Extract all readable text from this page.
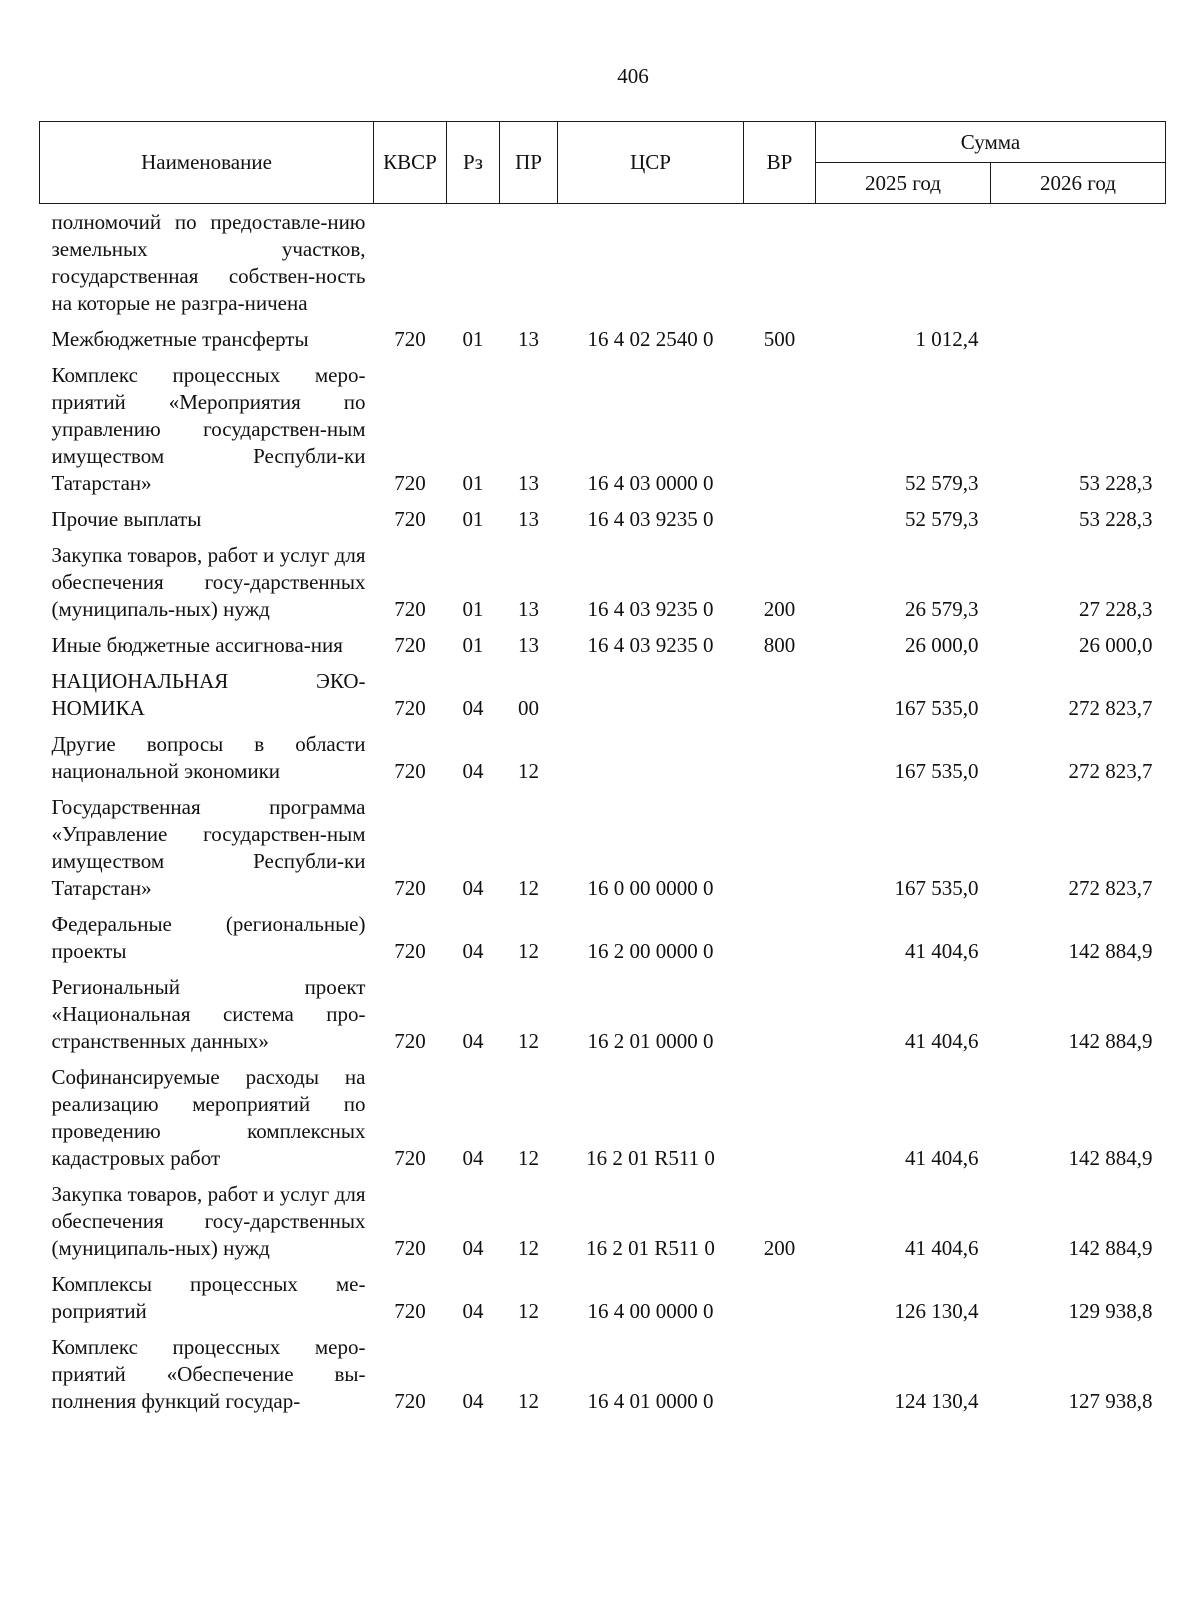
406
Наименование	КВСР	Рз	ПР	ЦСР	ВР	Сумма	
						2025 год	2026 год
полномочий по предоставле-нию земельных участков, государственная собствен-ность на которые не разгра-ничена							
Межбюджетные трансферты	720	01	13	16 4 02 2540 0	500	1 012,4	
Комплекс процессных меро-приятий «Мероприятия по управлению государствен-ным имуществом Республи-ки Татарстан»	720	01	13	16 4 03 0000 0		52 579,3	53 228,3
Прочие выплаты	720	01	13	16 4 03 9235 0		52 579,3	53 228,3
Закупка товаров, работ и услуг для обеспечения госу-дарственных (муниципаль-ных) нужд	720	01	13	16 4 03 9235 0	200	26 579,3	27 228,3
Иные бюджетные ассигнова-ния	720	01	13	16 4 03 9235 0	800	26 000,0	26 000,0
НАЦИОНАЛЬНАЯ ЭКО-НОМИКА	720	04	00			167 535,0	272 823,7
Другие вопросы в области национальной экономики	720	04	12			167 535,0	272 823,7
Государственная программа «Управление государствен-ным имуществом Республи-ки Татарстан»	720	04	12	16 0 00 0000 0		167 535,0	272 823,7
Федеральные (региональные) проекты	720	04	12	16 2 00 0000 0		41 404,6	142 884,9
Региональный проект «Национальная система про-странственных данных»	720	04	12	16 2 01 0000 0		41 404,6	142 884,9
Софинансируемые расходы на реализацию мероприятий по проведению комплексных кадастровых работ	720	04	12	16 2 01 R511 0		41 404,6	142 884,9
Закупка товаров, работ и услуг для обеспечения госу-дарственных (муниципаль-ных) нужд	720	04	12	16 2 01 R511 0	200	41 404,6	142 884,9
Комплексы процессных ме-роприятий	720	04	12	16 4 00 0000 0		126 130,4	129 938,8
Комплекс процессных меро-приятий «Обеспечение вы-полнения функций государ-	720	04	12	16 4 01 0000 0		124 130,4	127 938,8
